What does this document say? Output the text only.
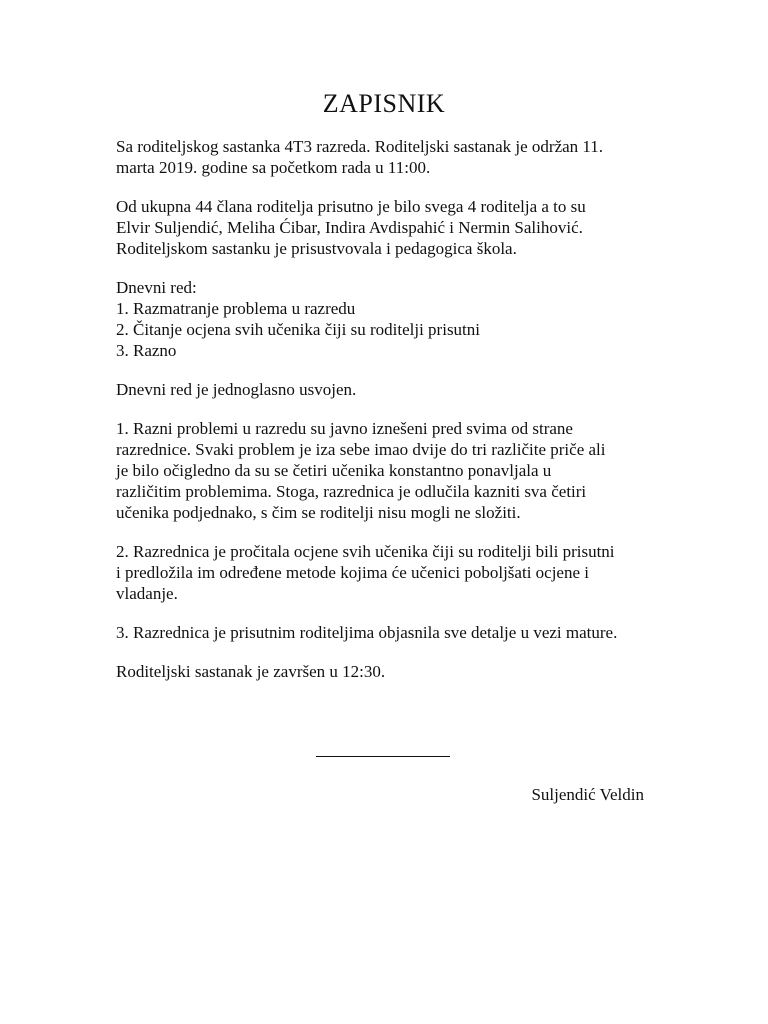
ZAPISNIK

Sa roditeljskog sastanka 4T3 razreda. Roditeljski sastanak je održan 11.
marta 2019. godine sa početkom rada u 11:00.

Od ukupna 44 člana roditelja prisutno je bilo svega 4 roditelja a to su
Elvir Suljendić, Meliha Ćibar, Indira Avdispahić i Nermin Salihović.
Roditeljskom sastanku je prisustvovala i pedagogica škola.

Dnevni red:
1. Razmatranje problema u razredu
2. Čitanje ocjena svih učenika čiji su roditelji prisutni
3. Razno

Dnevni red je jednoglasno usvojen.

1. Razni problemi u razredu su javno iznešeni pred svima od strane
razrednice. Svaki problem je iza sebe imao dvije do tri različite priče ali
je bilo očigledno da su se četiri učenika konstantno ponavljala u
različitim problemima. Stoga, razrednica je odlučila kazniti sva četiri
učenika podjednako, s čim se roditelji nisu mogli ne složiti.

2. Razrednica je pročitala ocjene svih učenika čiji su roditelji bili prisutni
i predložila im određene metode kojima će učenici poboljšati ocjene i
vladanje.

3. Razrednica je prisutnim roditeljima objasnila sve detalje u vezi mature.

Roditeljski sastanak je završen u 12:30.

Suljendić Veldin
